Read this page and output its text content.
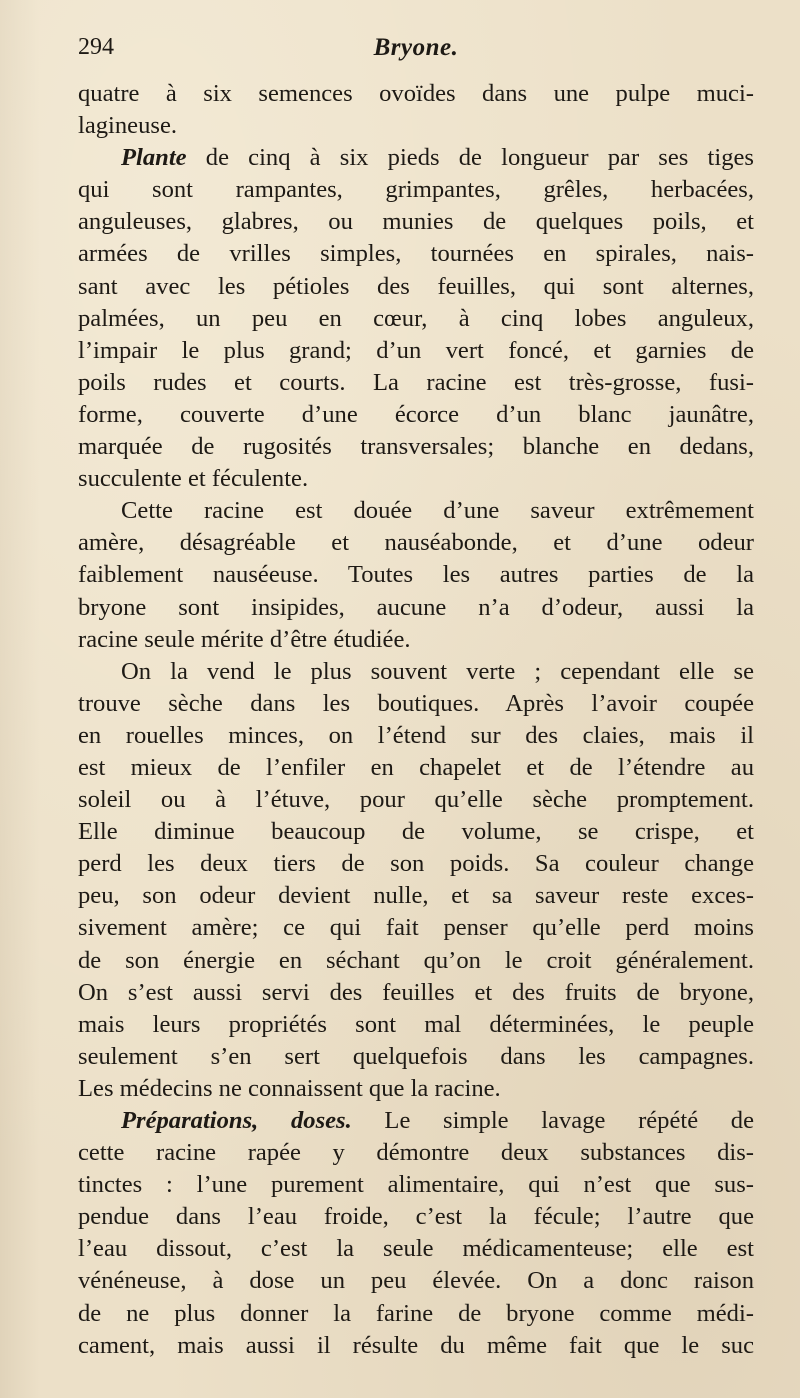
294	Bryone.
quatre à six semences ovoïdes dans une pulpe muci-
lagineuse.
Plante de cinq à six pieds de longueur par ses tiges
qui sont rampantes, grimpantes, grêles, herbacées,
anguleuses, glabres, ou munies de quelques poils, et
armées de vrilles simples, tournées en spirales, nais-
sant avec les pétioles des feuilles, qui sont alternes,
palmées, un peu en cœur, à cinq lobes anguleux,
l’impair le plus grand; d’un vert foncé, et garnies de
poils rudes et courts. La racine est très-grosse, fusi-
forme, couverte d’une écorce d’un blanc jaunâtre,
marquée de rugosités transversales; blanche en dedans,
succulente et féculente.
Cette racine est douée d’une saveur extrêmement
amère, désagréable et nauséabonde, et d’une odeur
faiblement nauséeuse. Toutes les autres parties de la
bryone sont insipides, aucune n’a d’odeur, aussi la
racine seule mérite d’être étudiée.
On la vend le plus souvent verte ; cependant elle se
trouve sèche dans les boutiques. Après l’avoir coupée
en rouelles minces, on l’étend sur des claies, mais il
est mieux de l’enfiler en chapelet et de l’étendre au
soleil ou à l’étuve, pour qu’elle sèche promptement.
Elle diminue beaucoup de volume, se crispe, et
perd les deux tiers de son poids. Sa couleur change
peu, son odeur devient nulle, et sa saveur reste exces-
sivement amère; ce qui fait penser qu’elle perd moins
de son énergie en séchant qu’on le croit généralement.
On s’est aussi servi des feuilles et des fruits de bryone,
mais leurs propriétés sont mal déterminées, le peuple
seulement s’en sert quelquefois dans les campagnes.
Les médecins ne connaissent que la racine.
Préparations, doses. Le simple lavage répété de
cette racine rapée y démontre deux substances dis-
tinctes : l’une purement alimentaire, qui n’est que sus-
pendue dans l’eau froide, c’est la fécule; l’autre que
l’eau dissout, c’est la seule médicamenteuse; elle est
vénéneuse, à dose un peu élevée. On a donc raison
de ne plus donner la farine de bryone comme médi-
cament, mais aussi il résulte du même fait que le suc
